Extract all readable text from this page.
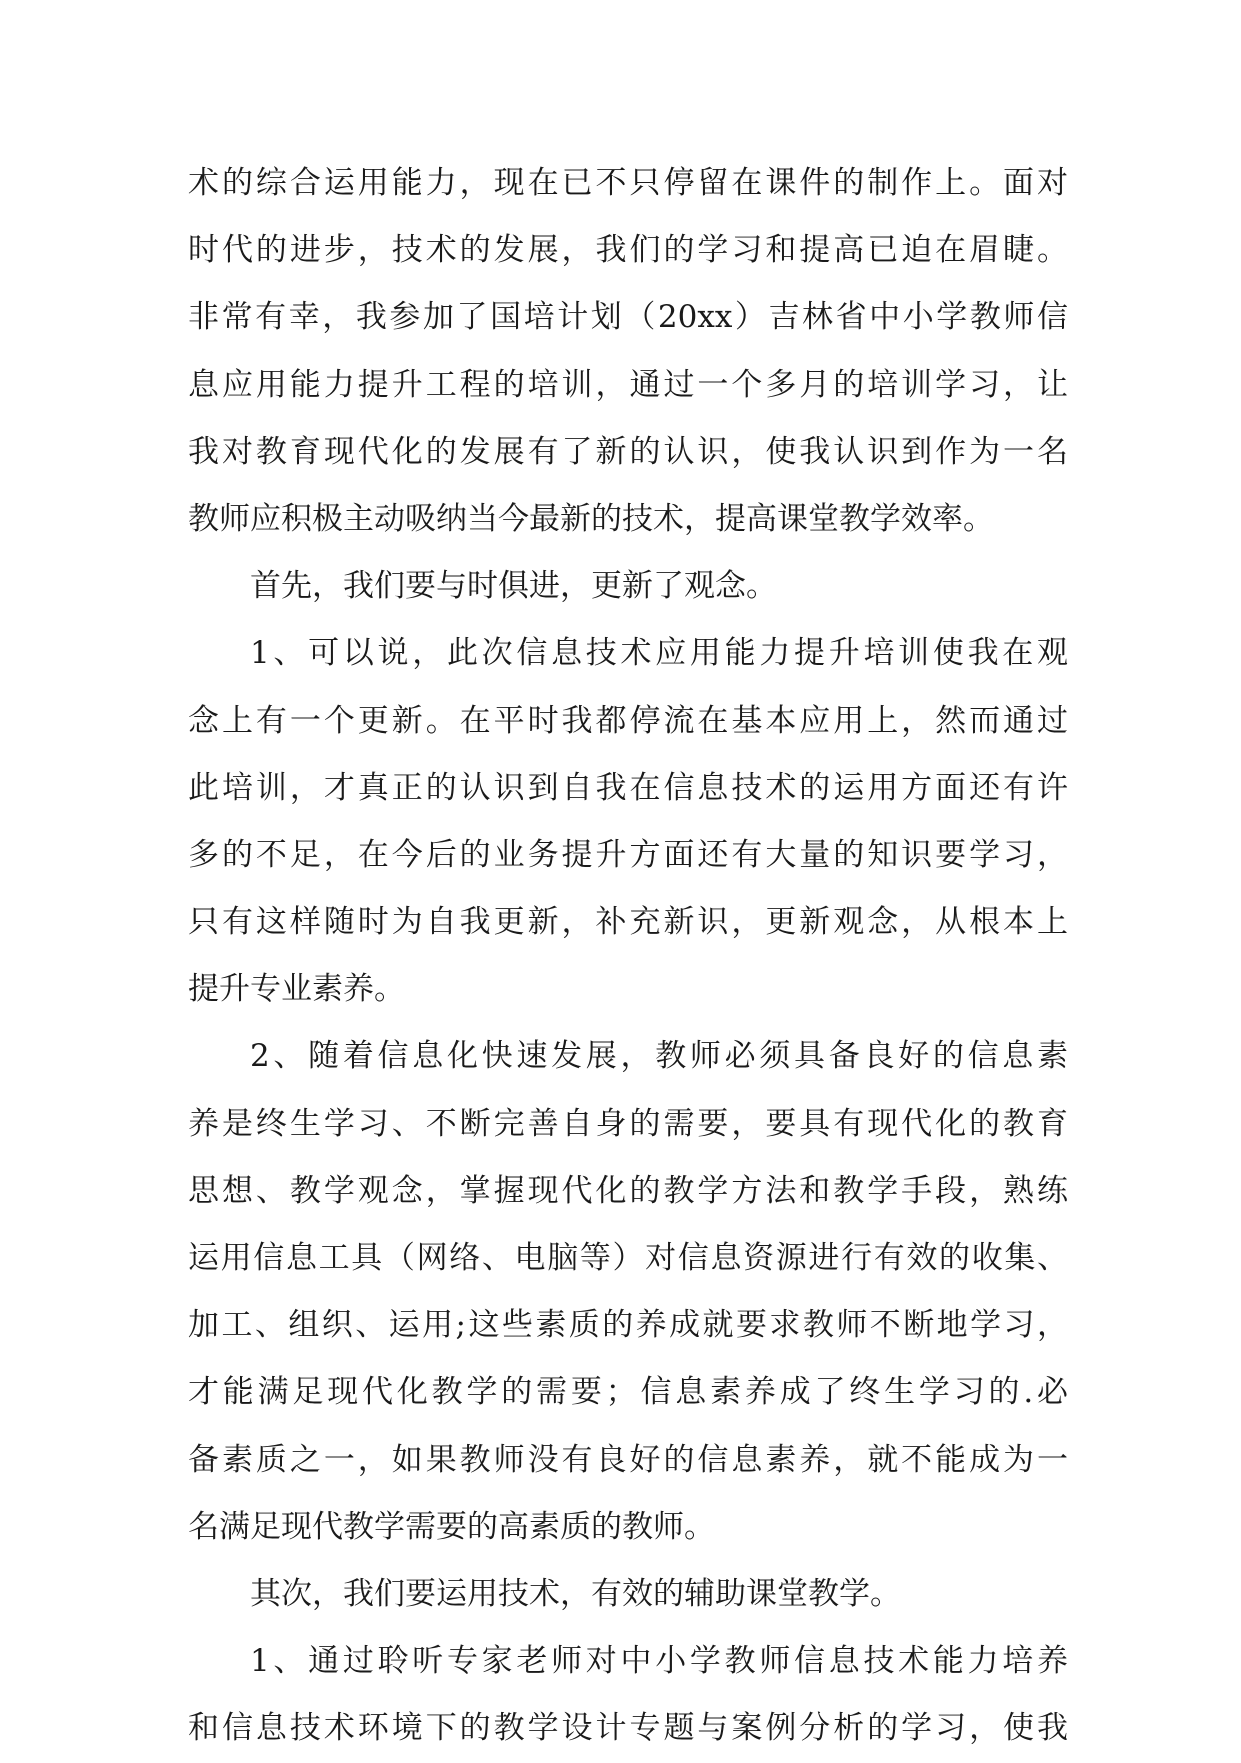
术的综合运用能力，现在已不只停留在课件的制作上。面对
时代的进步，技术的发展，我们的学习和提高已迫在眉睫。
非常有幸，我参加了国培计划（20xx）吉林省中小学教师信
息应用能力提升工程的培训，通过一个多月的培训学习，让
我对教育现代化的发展有了新的认识，使我认识到作为一名
教师应积极主动吸纳当今最新的技术，提高课堂教学效率。
首先，我们要与时俱进，更新了观念。
1、可以说，此次信息技术应用能力提升培训使我在观
念上有一个更新。在平时我都停流在基本应用上，然而通过
此培训，才真正的认识到自我在信息技术的运用方面还有许
多的不足，在今后的业务提升方面还有大量的知识要学习，
只有这样随时为自我更新，补充新识，更新观念，从根本上
提升专业素养。
2、随着信息化快速发展，教师必须具备良好的信息素
养是终生学习、不断完善自身的需要，要具有现代化的教育
思想、教学观念，掌握现代化的教学方法和教学手段，熟练
运用信息工具（网络、电脑等）对信息资源进行有效的收集、
加工、组织、运用;这些素质的养成就要求教师不断地学习，
才能满足现代化教学的需要；信息素养成了终生学习的.必
备素质之一，如果教师没有良好的信息素养，就不能成为一
名满足现代教学需要的高素质的教师。
其次，我们要运用技术，有效的辅助课堂教学。
1、通过聆听专家老师对中小学教师信息技术能力培养
和信息技术环境下的教学设计专题与案例分析的学习，使我
